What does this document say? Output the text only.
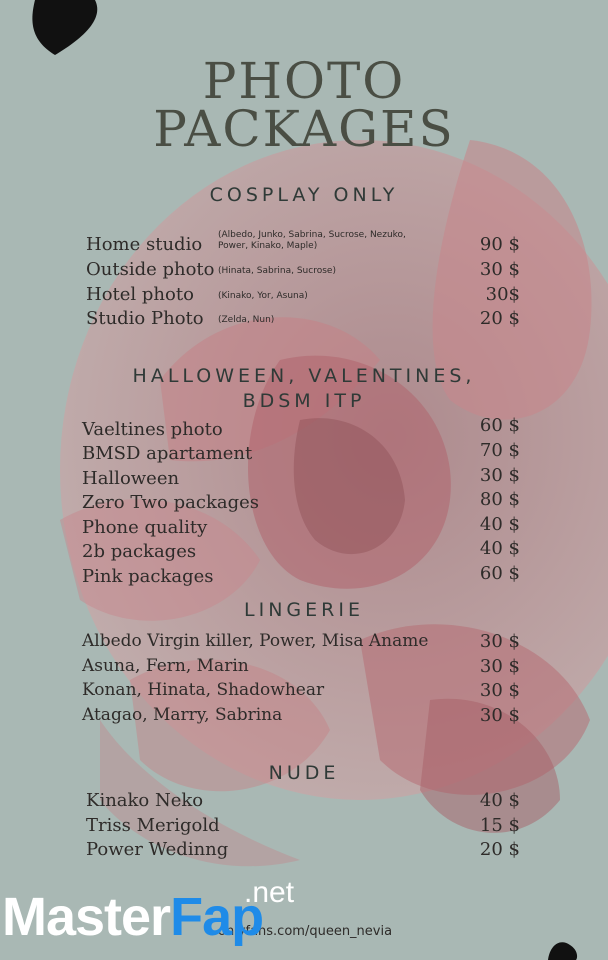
PHOTO
PACKAGES
COSPLAY ONLY
Home studio (Albedo, Junko, Sabrina, Sucrose, Nezuko, Power, Kinako, Maple)	90 $
Outside photo (Hinata, Sabrina, Sucrose)	30 $
Hotel photo	(Kinako, Yor, Asuna)	30$
Studio Photo (Zelda, Nun)	20 $
HALLOWEEN, VALENTINES,
BDSM ITP
Vaeltines photo	60 $
BMSD apartament	70 $
Halloween	30 $
Zero Two packages	80 $
Phone quality	40 $
2b packages	40 $
Pink packages	60 $
LINGERIE
Albedo Virgin killer, Power, Misa Aname	30 $
Asuna, Fern, Marin	30 $
Konan, Hinata, Shadowhear	30 $
Atagao, Marry, Sabrina	30 $
NUDE
Kinako Neko	40 $
Triss Merigold	15 $
Power Wedinng	20 $
onlyfans.com/queen_nevia
.net
MasterFap
